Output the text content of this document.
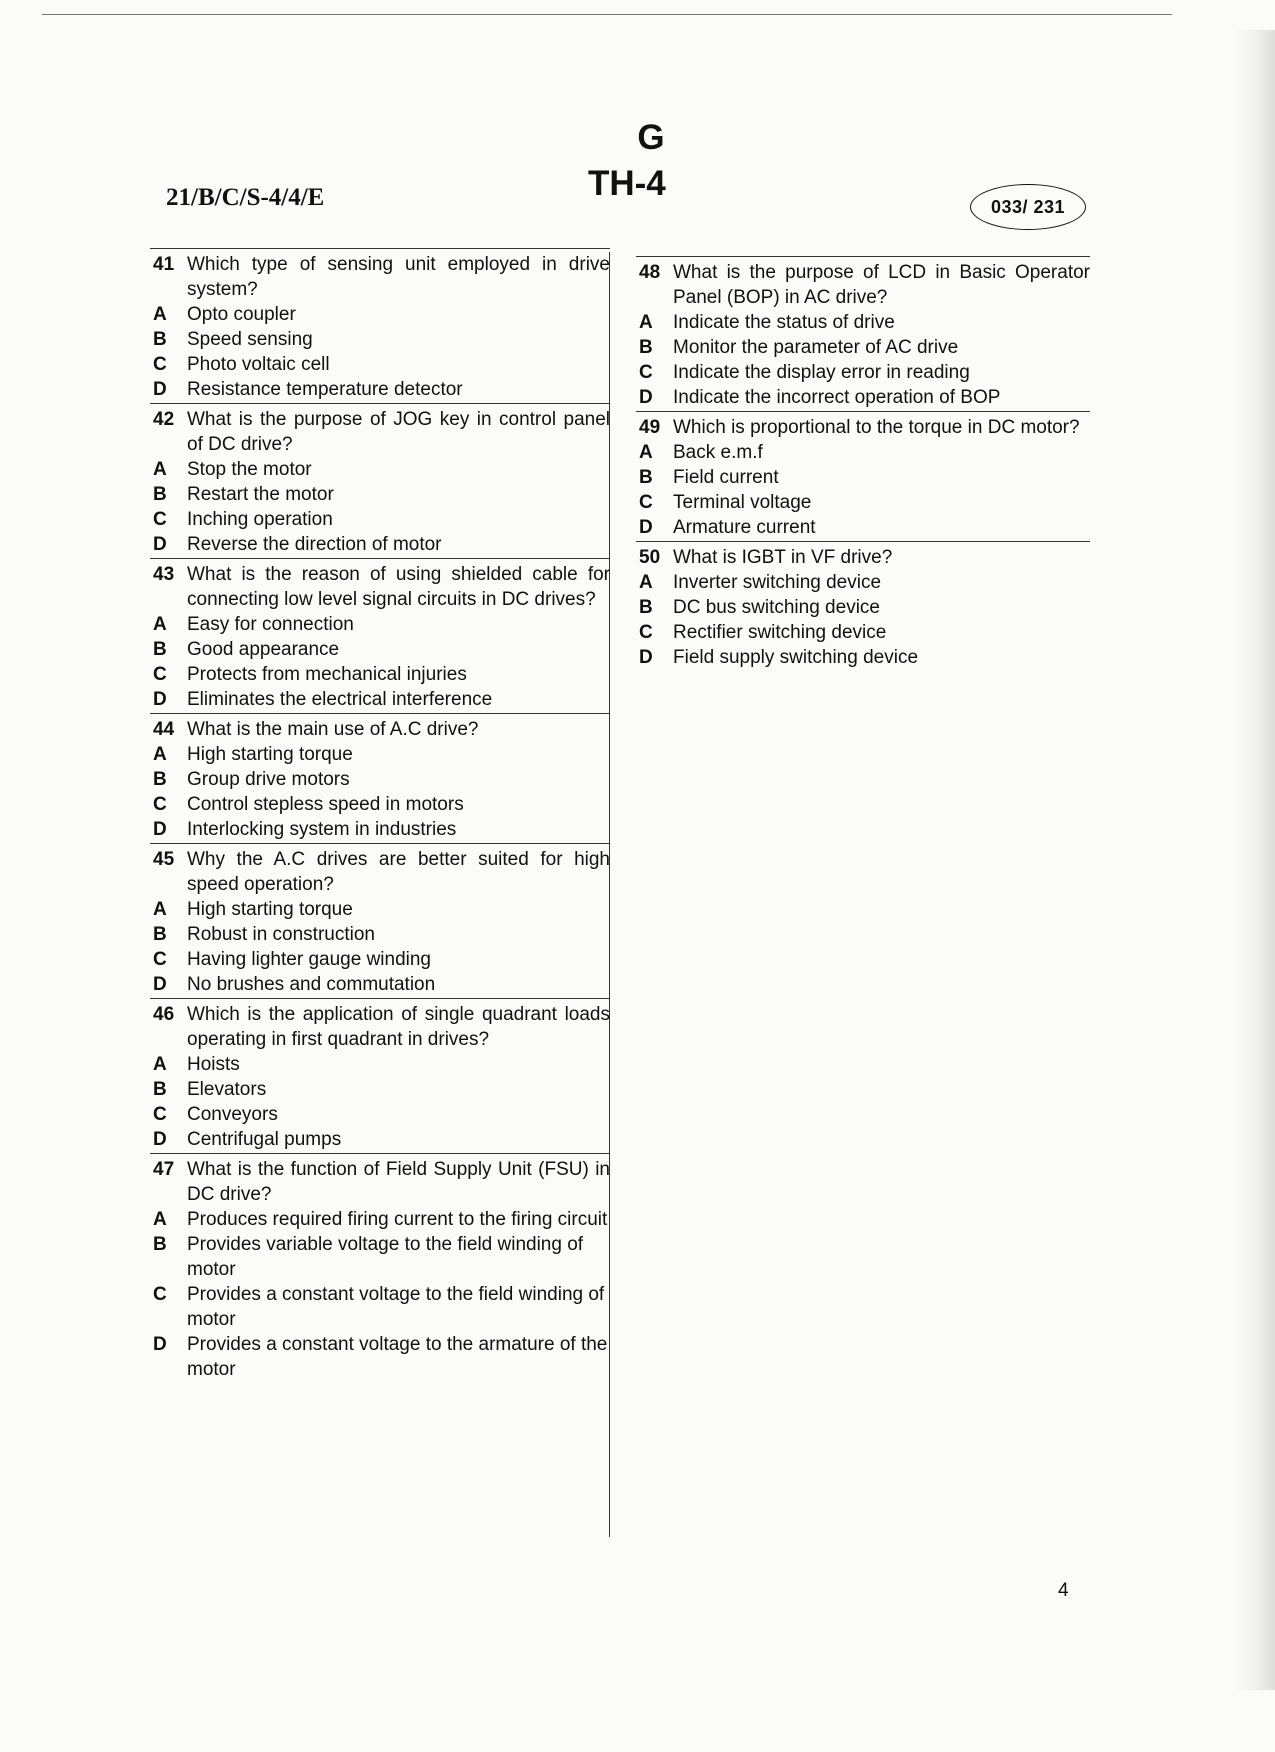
21/B/C/S-4/4/E
G
TH-4
033/ 231
41 Which type of sensing unit employed in drive system?
A	Opto coupler
B	Speed sensing
C	Photo voltaic cell
D	Resistance temperature detector
42 What is the purpose of JOG key in control panel of DC drive?
A	Stop the motor
B	Restart the motor
C	Inching operation
D	Reverse the direction of motor
43 What is the reason of using shielded cable for connecting low level signal circuits in DC drives?
A	Easy for connection
B	Good appearance
C	Protects from mechanical injuries
D	Eliminates the electrical interference
44 What is the main use of A.C drive?
A	High starting torque
B	Group drive motors
C	Control stepless speed in motors
D	Interlocking system in industries
45 Why the A.C drives are better suited for high speed operation?
A	High starting torque
B	Robust in construction
C	Having lighter gauge winding
D	No brushes and commutation
46 Which is the application of single quadrant loads operating in first quadrant in drives?
A	Hoists
B	Elevators
C	Conveyors
D	Centrifugal pumps
47 What is the function of Field Supply Unit (FSU) in DC drive?
A	Produces required firing current to the firing circuit
B	Provides variable voltage to the field winding of motor
C	Provides a constant voltage to the field winding of motor
D	Provides a constant voltage to the armature of the motor
48 What is the purpose of LCD in Basic Operator Panel (BOP) in AC drive?
A	Indicate the status of drive
B	Monitor the parameter of AC drive
C	Indicate the display error in reading
D	Indicate the incorrect operation of BOP
49 Which is proportional to the torque in DC motor?
A	Back e.m.f
B	Field current
C	Terminal voltage
D	Armature current
50 What is IGBT in VF drive?
A	Inverter switching device
B	DC bus switching device
C	Rectifier switching device
D	Field supply switching device
4
